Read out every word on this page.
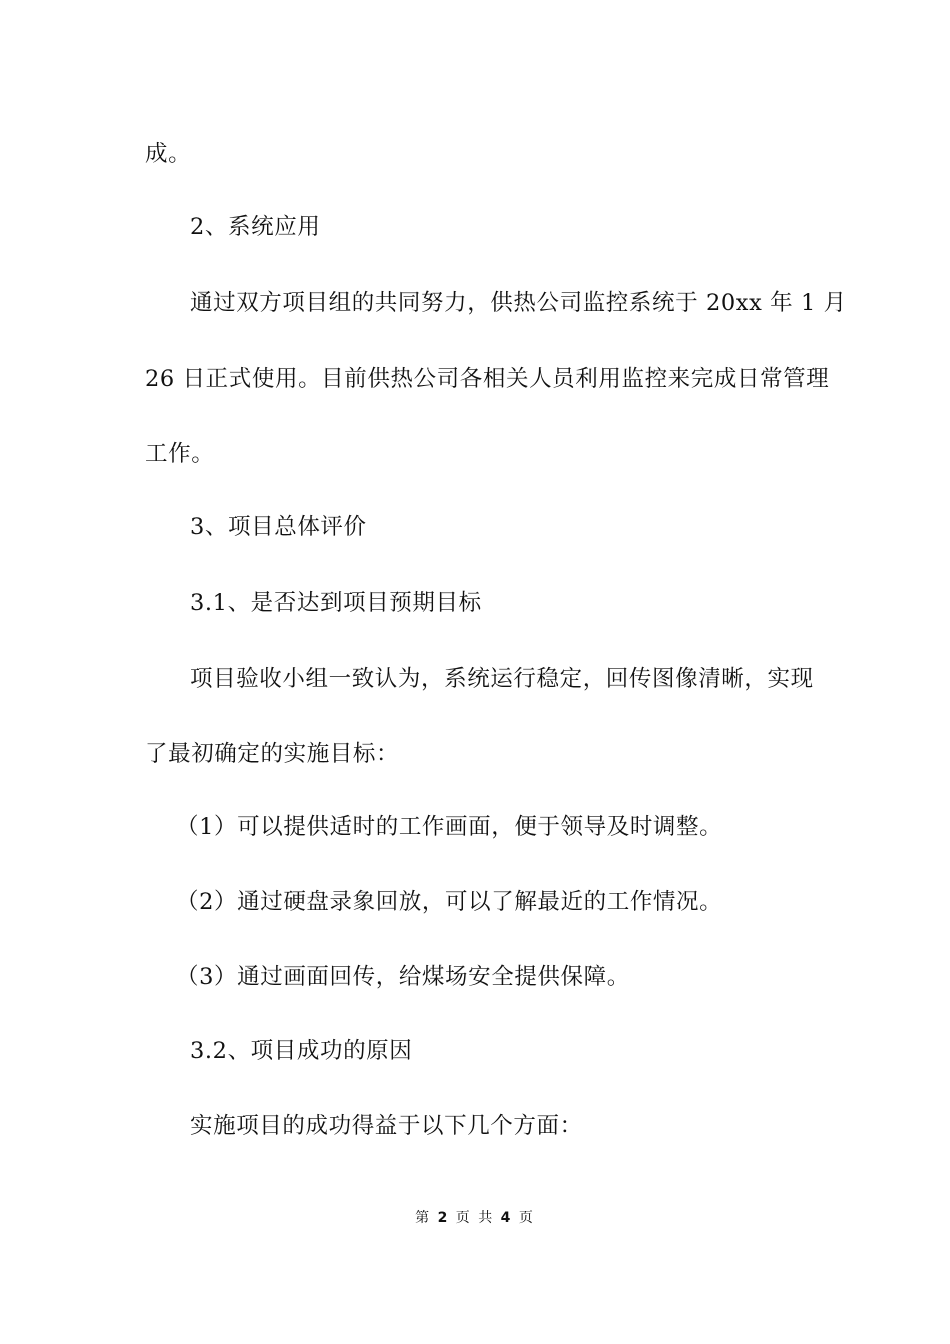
成。
2、系统应用
通过双方项目组的共同努力，供热公司监控系统于 20xx 年 1 月
26 日正式使用。目前供热公司各相关人员利用监控来完成日常管理
工作。
3、项目总体评价
3.1、是否达到项目预期目标
项目验收小组一致认为，系统运行稳定，回传图像清晰，实现
了最初确定的实施目标：
（1）可以提供适时的工作画面，便于领导及时调整。
（2）通过硬盘录象回放，可以了解最近的工作情况。
（3）通过画面回传，给煤场安全提供保障。
3.2、项目成功的原因
实施项目的成功得益于以下几个方面：
第 2 页 共 4 页
